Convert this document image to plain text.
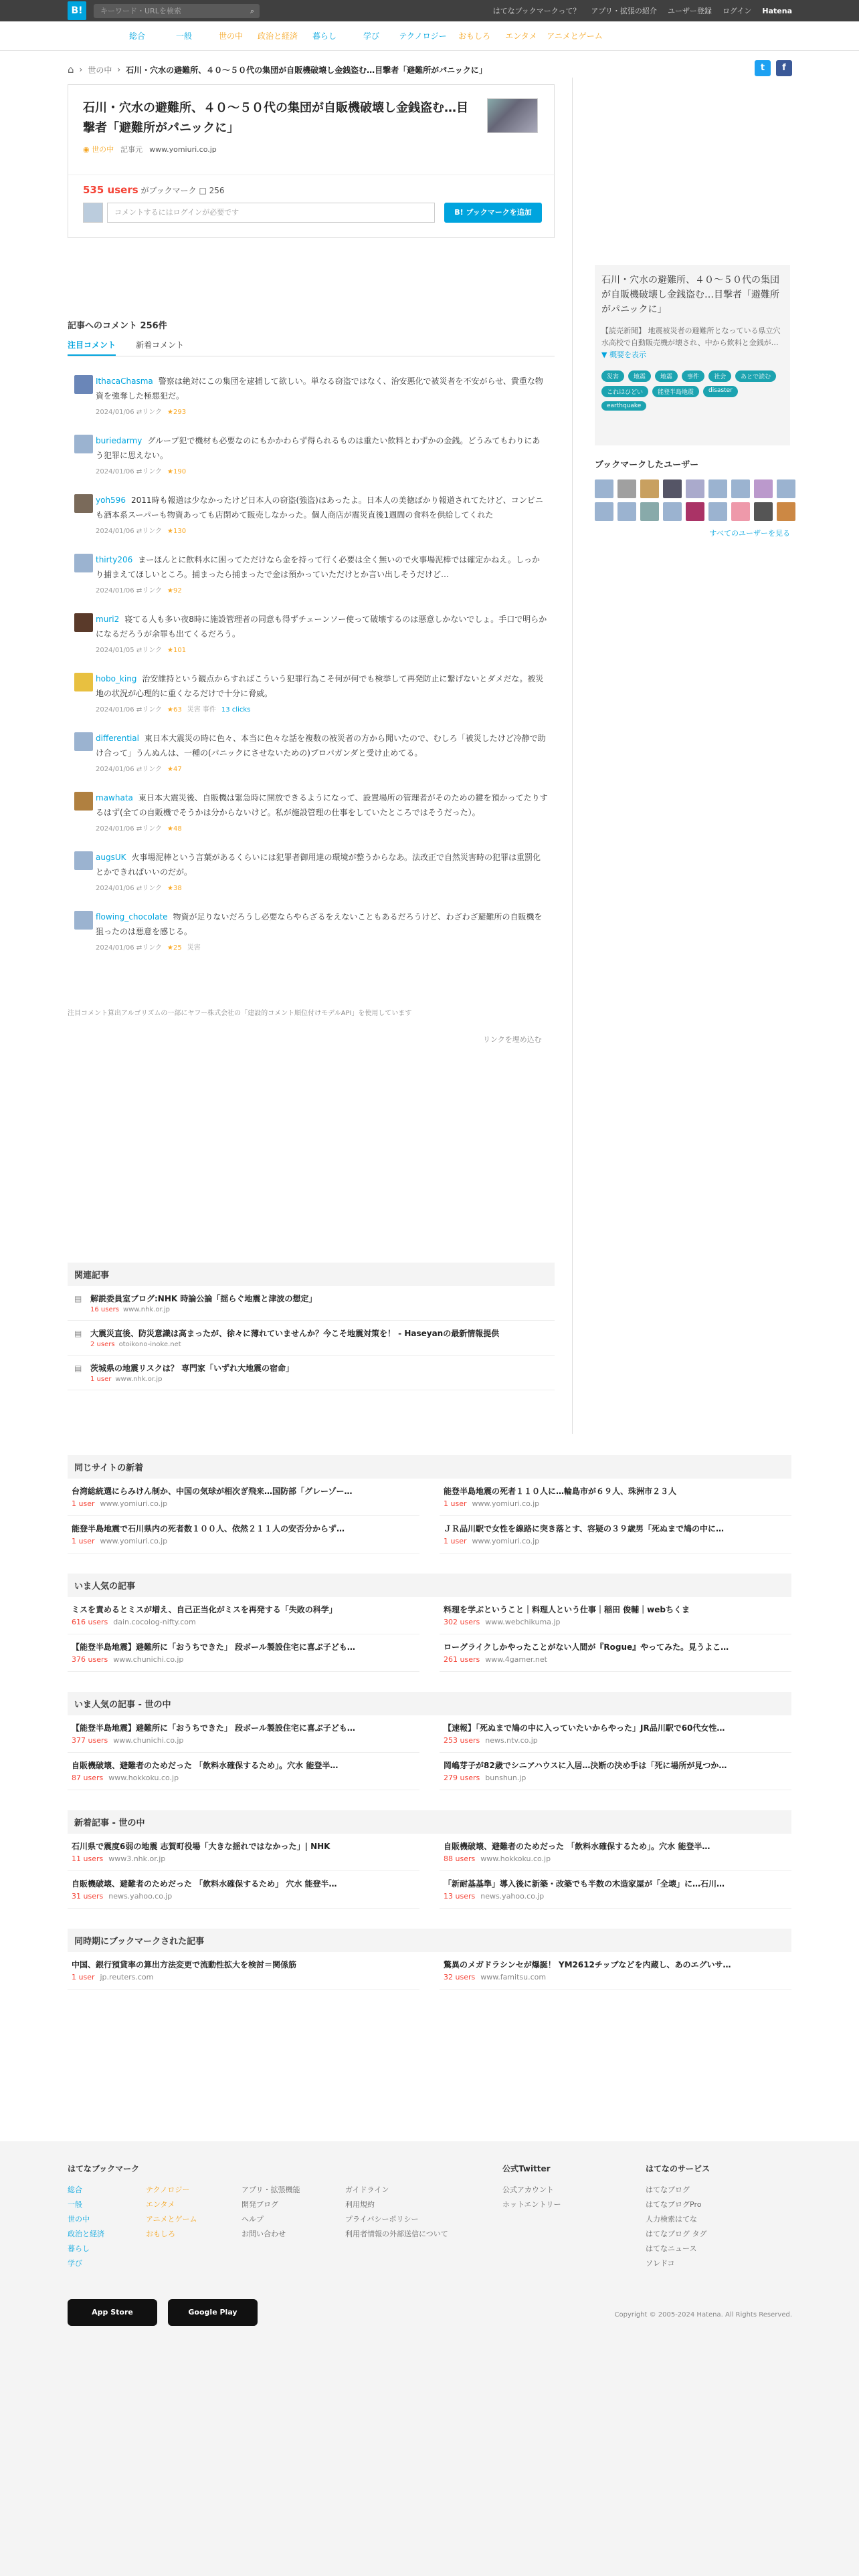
B!	キーワード・URLを検索	⌕	はてなブックマークって？ アプリ・拡張の紹介 ユーザー登録 ログイン Hatena
総合	一般	世の中	政治と経済	暮らし	学び	テクノロジー	おもしろ	エンタメ	アニメとゲーム
⌂ › 世の中 › 石川・穴水の避難所、４０～５０代の集団が自販機破壊し金銭盗む…目撃者「避難所がパニックに」	t	f
石川・穴水の避難所、４０～５０代の集団が自販機破壊し金銭盗む…目撃者「避難所がパニックに」
◉ 世の中 記事元 www.yomiuri.co.jp
535 users がブックマーク □ 256
コメントするにはログインが必要です	B! ブックマークを追加
記事へのコメント 256件
注目コメント	新着コメント
IthacaChasma 警察は絶対にこの集団を逮捕して欲しい。単なる窃盗ではなく、治安悪化で被災者を不安がらせ、貴重な物資を強奪した極悪犯だ。
2024/01/06 ⇄リンク ★293
buriedarmy グループ犯で機材も必要なのにもかかわらず得られるものは重たい飲料とわずかの金銭。どうみてもわりにあう犯罪に思えない。
2024/01/06 ⇄リンク ★190
yoh596 2011時も報道は少なかったけど日本人の窃盗(強盗)はあったよ。日本人の美徳ばかり報道されてたけど、コンビニも酒本系スーパーも物資あっても店閉めて販売しなかった。個人商店が震災直後1週間の食料を供給してくれた
2024/01/06 ⇄リンク ★130
thirty206 まーほんとに飲料水に困ってただけなら金を持って行く必要は全く無いので火事場泥棒では確定かねえ。しっかり捕まえてほしいところ。捕まったら捕まったで金は預かっていただけとか言い出しそうだけど…
2024/01/06 ⇄リンク ★92
muri2 寝てる人も多い夜8時に施設管理者の同意も得ずチェーンソー使って破壊するのは悪意しかないでしょ。手口で明らかになるだろうが余罪も出てくるだろう。
2024/01/05 ⇄リンク ★101
hobo_king 治安維持という観点からすればこういう犯罪行為こそ何が何でも検挙して再発防止に繋げないとダメだな。被災地の状況が心理的に重くなるだけで十分に脅威。
2024/01/06 ⇄リンク ★63 災害 事件 13 clicks
differential 東日本大震災の時に色々、本当に色々な話を複数の被災者の方から聞いたので、むしろ「被災したけど冷静で助け合って」うんぬんは、一種の(パニックにさせないための)プロパガンダと受け止めてる。
2024/01/06 ⇄リンク ★47
mawhata 東日本大震災後、自販機は緊急時に開放できるようになって、設置場所の管理者がそのための鍵を預かってたりするはず(全ての自販機でそうかは分からないけど。私が施設管理の仕事をしていたところではそうだった）。
2024/01/06 ⇄リンク ★48
augsUK 火事場泥棒という言葉があるくらいには犯罪者御用達の環境が整うからなあ。法改正で自然災害時の犯罪は重罰化とかできればいいのだが。
2024/01/06 ⇄リンク ★38
flowing_chocolate 物資が足りないだろうし必要ならやらざるをえないこともあるだろうけど、わざわざ避難所の自販機を狙ったのは悪意を感じる。
2024/01/06 ⇄リンク ★25 災害
注目コメント算出アルゴリズムの一部にヤフー株式会社の「建設的コメント順位付けモデルAPI」を使用しています
リンクを埋め込む
石川・穴水の避難所、４０～５０代の集団が自販機破壊し金銭盗む…目撃者「避難所がパニックに」
【読売新聞】 地震被災者の避難所となっている県立穴水高校で自動販売機が壊され、中から飲料と金銭が… ▼ 概要を表示
災害	地震	地震	事件	社会	あとで読む
これはひどい	能登半島地震	disaster
earthquake
ブックマークしたユーザー
すべてのユーザーを見る
関連記事
▤ 解説委員室ブログ:NHK 時論公論「揺らぐ地震と津波の想定」
16 users www.nhk.or.jp
▤ 大震災直後、防災意識は高まったが、徐々に薄れていませんか？今こそ地震対策を！ - Haseyanの最新情報提供
2 users otoikono-inoke.net
▤ 茨城県の地震リスクは？ 専門家「いずれ大地震の宿命」
1 user www.nhk.or.jp
同じサイトの新着
台湾総統選にらみけん制か、中国の気球が相次ぎ飛来…国防部「グレーゾー…
1 user www.yomiuri.co.jp
能登半島地震の死者１１０人に…輪島市が６９人、珠洲市２３人
1 user www.yomiuri.co.jp
能登半島地震で石川県内の死者数１００人、依然２１１人の安否分からず…
1 user www.yomiuri.co.jp
ＪＲ品川駅で女性を線路に突き落とす、容疑の３９歳男「死ぬまで鳩の中に…
1 user www.yomiuri.co.jp
いま人気の記事
ミスを責めるとミスが増え、自己正当化がミスを再発する「失敗の科学」
616 users dain.cocolog-nifty.com
料理を学ぶということ｜料理人という仕事｜稲田 俊輔｜webちくま
302 users www.webchikuma.jp
【能登半島地震】避難所に「おうちできた」 段ボール製設住宅に喜ぶ子ども…
376 users www.chunichi.co.jp
ローグライクしかやったことがない人間が『Rogue』やってみた。見うよこ…
261 users www.4gamer.net
いま人気の記事 - 世の中
【能登半島地震】避難所に「おうちできた」 段ボール製設住宅に喜ぶ子ども…
377 users www.chunichi.co.jp
【速報】「死ぬまで鳩の中に入っていたいからやった」JR品川駅で60代女性…
253 users news.ntv.co.jp
自販機破壊、避難者のためだった 「飲料水確保するため」。穴水 能登半…
87 users www.hokkoku.co.jp
岡嶋芽子が82歳でシニアハウスに入居…決断の決め手は「死に場所が見つか…
279 users bunshun.jp
新着記事 - 世の中
石川県で震度6弱の地震 志賀町役場「大きな揺れではなかった」| NHK
11 users www3.nhk.or.jp
自販機破壊、避難者のためだった 「飲料水確保するため」。穴水 能登半…
88 users www.hokkoku.co.jp
自販機破壊、避難者のためだった 「飲料水確保するため」 穴水 能登半…
31 users news.yahoo.co.jp
「新耐基基準」導入後に新築・改築でも半数の木造家屋が「全壊」に…石川…
13 users news.yahoo.co.jp
同時期にブックマークされた記事
中国、銀行預貸率の算出方法変更で流動性拡大を検討＝関係筋
1 user jp.reuters.com
驚異のメガドラシンセが爆誕！ YM2612チップなどを内蔵し、あのエグいサ…
32 users www.famitsu.com
はてなブックマーク
総合
一般
世の中
政治と経済
暮らし
学び
テクノロジー
エンタメ
アニメとゲーム
おもしろ
アプリ・拡張機能
開発ブログ
ヘルプ
お問い合わせ
ガイドライン
利用規約
プライバシーポリシー
利用者情報の外部送信について
公式Twitter
公式アカウント
ホットエントリー
はてなのサービス
はてなブログ
はてなブログPro
人力検索はてな
はてなブログ タグ
はてなニュース
ソレドコ
App Store	Google Play	Copyright © 2005-2024 Hatena. All Rights Reserved.
